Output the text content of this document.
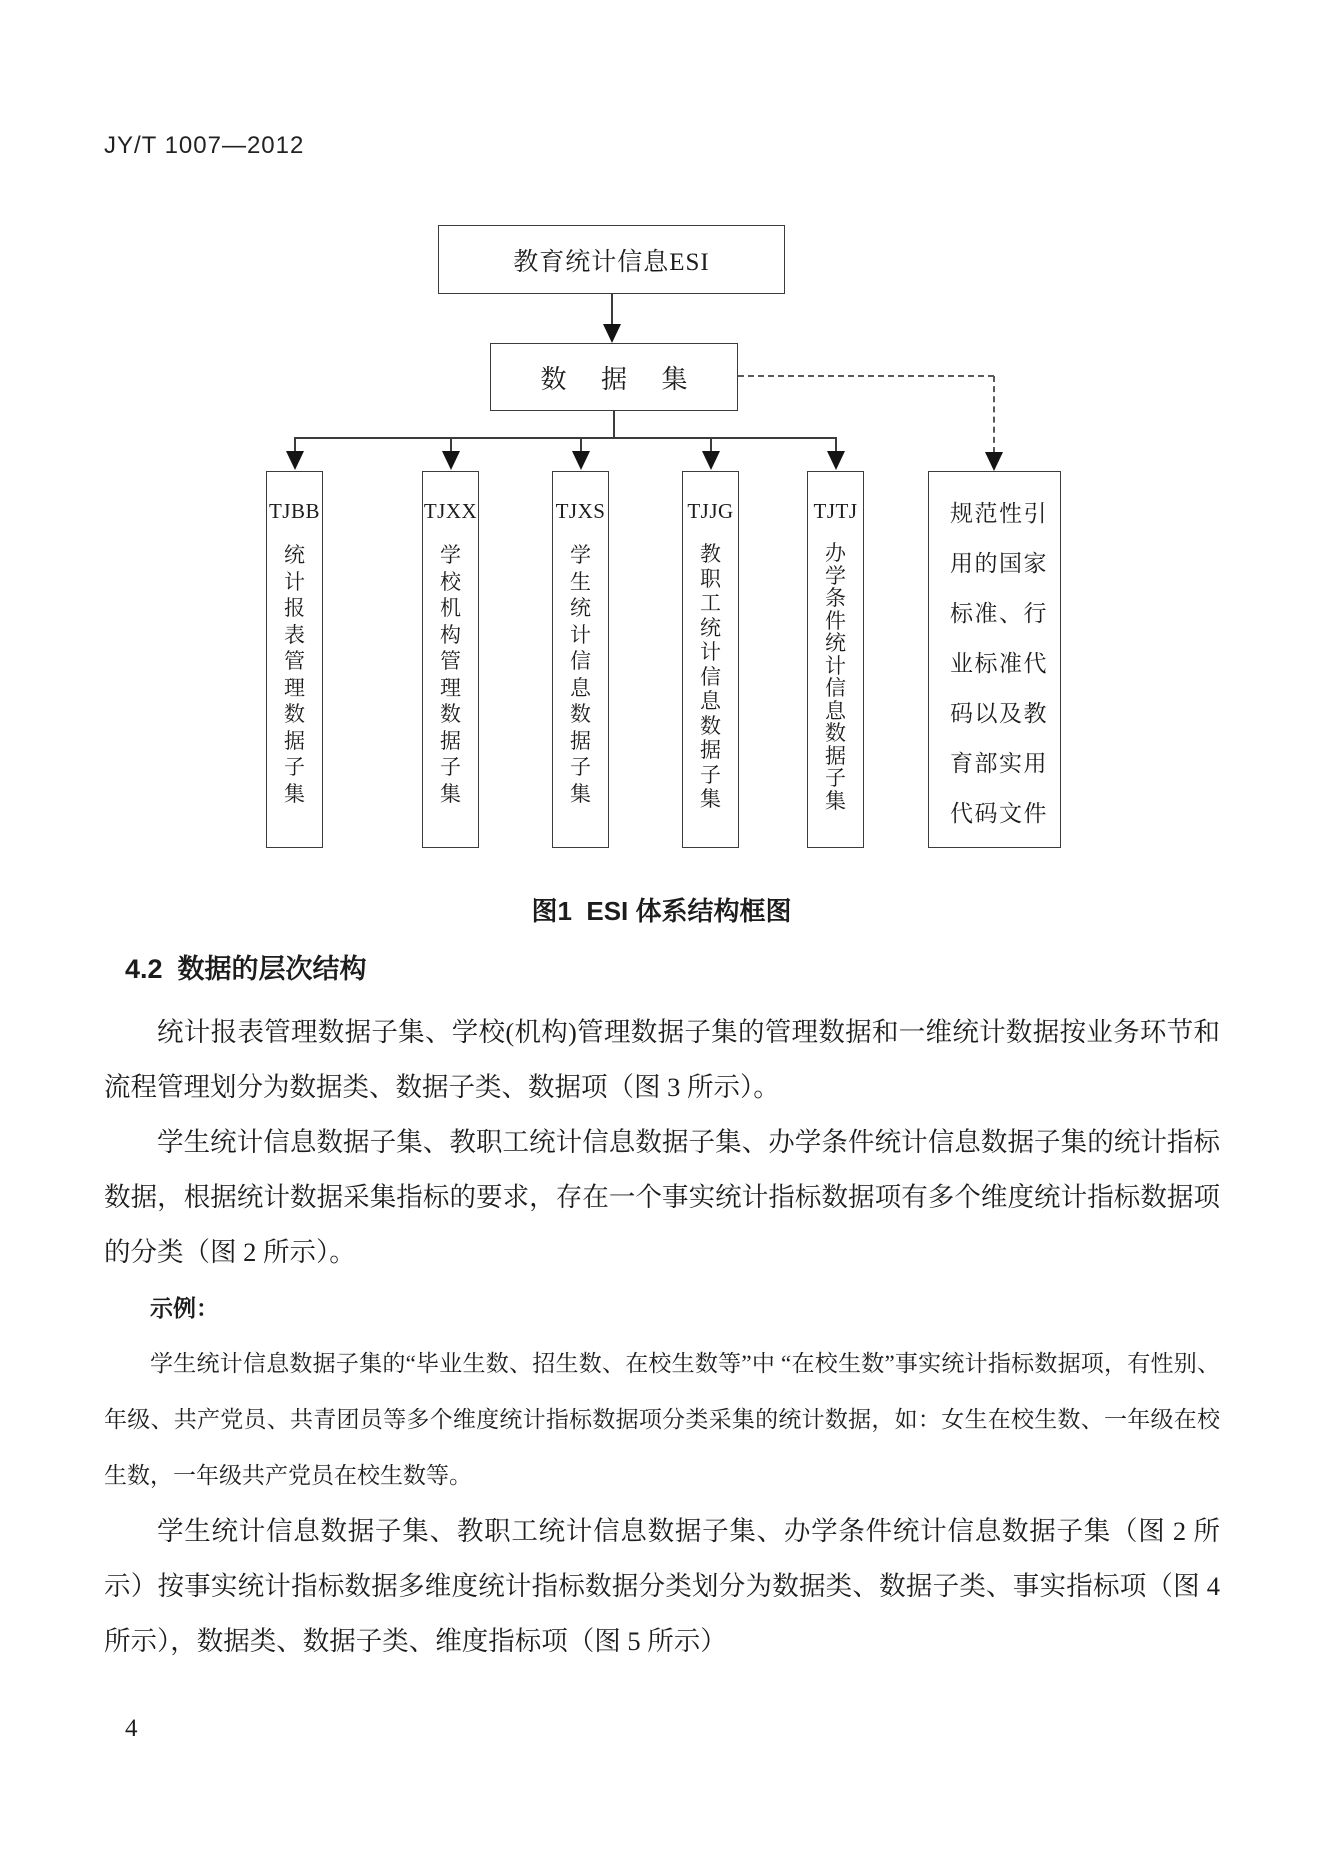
JY/T 1007—2012
教育统计信息ESI
数 据 集
TJBB
统
计
报
表
管
理
数
据
子
集
TJXX
学
校
机
构
管
理
数
据
子
集
TJXS
学
生
统
计
信
息
数
据
子
集
TJJG
教
职
工
统
计
信
息
数
据
子
集
TJTJ
办
学
条
件
统
计
信
息
数
据
子
集
规范性引用的国家标准、行业标准代码以及教育部实用代码文件
图1  ESI 体系结构框图
4.2  数据的层次结构

统计报表管理数据子集、学校(机构)管理数据子集的管理数据和一维统计数据按业务环节和流程管理划分为数据类、数据子类、数据项（图 3 所示）。

学生统计信息数据子集、教职工统计信息数据子集、办学条件统计信息数据子集的统计指标数据，根据统计数据采集指标的要求，存在一个事实统计指标数据项有多个维度统计指标数据项的分类（图 2 所示）。

示例：

学生统计信息数据子集的“毕业生数、招生数、在校生数等”中 “在校生数”事实统计指标数据项，有性别、年级、共产党员、共青团员等多个维度统计指标数据项分类采集的统计数据，如：女生在校生数、一年级在校生数，一年级共产党员在校生数等。

学生统计信息数据子集、教职工统计信息数据子集、办学条件统计信息数据子集（图 2 所示）按事实统计指标数据多维度统计指标数据分类划分为数据类、数据子类、事实指标项（图 4 所示），数据类、数据子类、维度指标项（图 5 所示）

4
